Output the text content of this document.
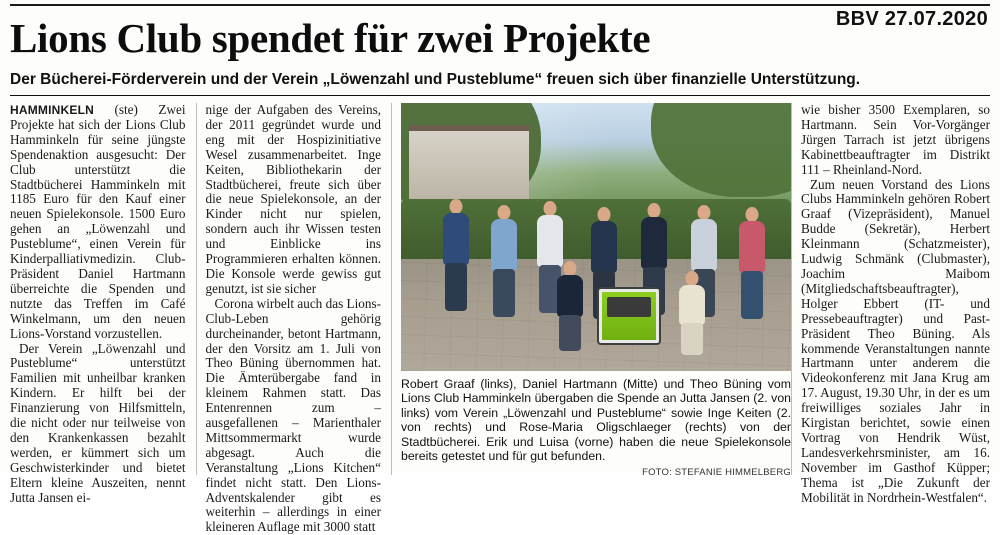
BBV 27.07.2020
Lions Club spendet für zwei Projekte
Der Bücherei-Förderverein und der Verein „Löwenzahl und Pusteblume“ freuen sich über finanzielle Unterstützung.

HAMMINKELN (ste) Zwei Projekte hat sich der Lions Club Hamminkeln für seine jüngste Spendenaktion ausgesucht: Der Club unterstützt die Stadtbücherei Hamminkeln mit 1185 Euro für den Kauf einer neuen Spielekonsole. 1500 Euro gehen an „Löwenzahl und Pusteblume“, einen Verein für Kinderpalliativmedizin. Club-Präsident Daniel Hartmann überreichte die Spenden und nutzte das Treffen im Café Winkelmann, um den neuen Lions-Vorstand vorzustellen.

Der Verein „Löwenzahl und Pusteblume“ unterstützt Familien mit unheilbar kranken Kindern. Er hilft bei der Finanzierung von Hilfsmitteln, die nicht oder nur teilweise von den Krankenkassen bezahlt werden, er kümmert sich um Geschwisterkinder und bietet Eltern kleine Auszeiten, nennt Jutta Jansen ei-

nige der Aufgaben des Vereins, der 2011 gegründet wurde und eng mit der Hospizinitiative Wesel zusammenarbeitet. Inge Keiten, Bibliothekarin der Stadtbücherei, freute sich über die neue Spielekonsole, an der Kinder nicht nur spielen, sondern auch ihr Wissen testen und Einblicke ins Programmieren erhalten können. Die Konsole werde gewiss gut genutzt, ist sie sicher

Corona wirbelt auch das Lions-Club-Leben gehörig durcheinander, betont Hartmann, der den Vorsitz am 1. Juli von Theo Büning übernommen hat. Die Ämterübergabe fand in kleinem Rahmen statt. Das Entenrennen zum – ausgefallenen – Marienthaler Mittsommermarkt wurde abgesagt. Auch die Veranstaltung „Lions Kitchen“ findet nicht statt. Den Lions-Adventskalender gibt es weiterhin – allerdings in einer kleineren Auflage mit 3000 statt

Robert Graaf (links), Daniel Hartmann (Mitte) und Theo Büning vom Lions Club Hamminkeln übergaben die Spende an Jutta Jansen (2. von links) vom Verein „Löwenzahl und Pusteblume“ sowie Inge Keiten (2. von rechts) und Rose-Maria Oligschlaeger (rechts) von der Stadtbücherei. Erik und Luisa (vorne) haben die neue Spielekonsole bereits getestet und für gut befunden.
FOTO: STEFANIE HIMMELBERG

wie bisher 3500 Exemplaren, so Hartmann. Sein Vor-Vorgänger Jürgen Tarrach ist jetzt übrigens Kabinettbeauftragter im Distrikt 111 – Rheinland-Nord.

Zum neuen Vorstand des Lions Clubs Hamminkeln gehören Robert Graaf (Vizepräsident), Manuel Budde (Sekretär), Herbert Kleinmann (Schatzmeister), Ludwig Schmänk (Clubmaster), Joachim Maibom (Mitgliedschaftsbeauftragter), Holger Ebbert (IT- und Pressebeauftragter) und Past-Präsident Theo Büning. Als kommende Veranstaltungen nannte Hartmann unter anderem die Videokonferenz mit Jana Krug am 17. August, 19.30 Uhr, in der es um freiwilliges soziales Jahr in Kirgistan berichtet, sowie einen Vortrag von Hendrik Wüst, Landesverkehrsminister, am 16. November im Gasthof Küpper; Thema ist „Die Zukunft der Mobilität in Nordrhein-Westfalen“.
